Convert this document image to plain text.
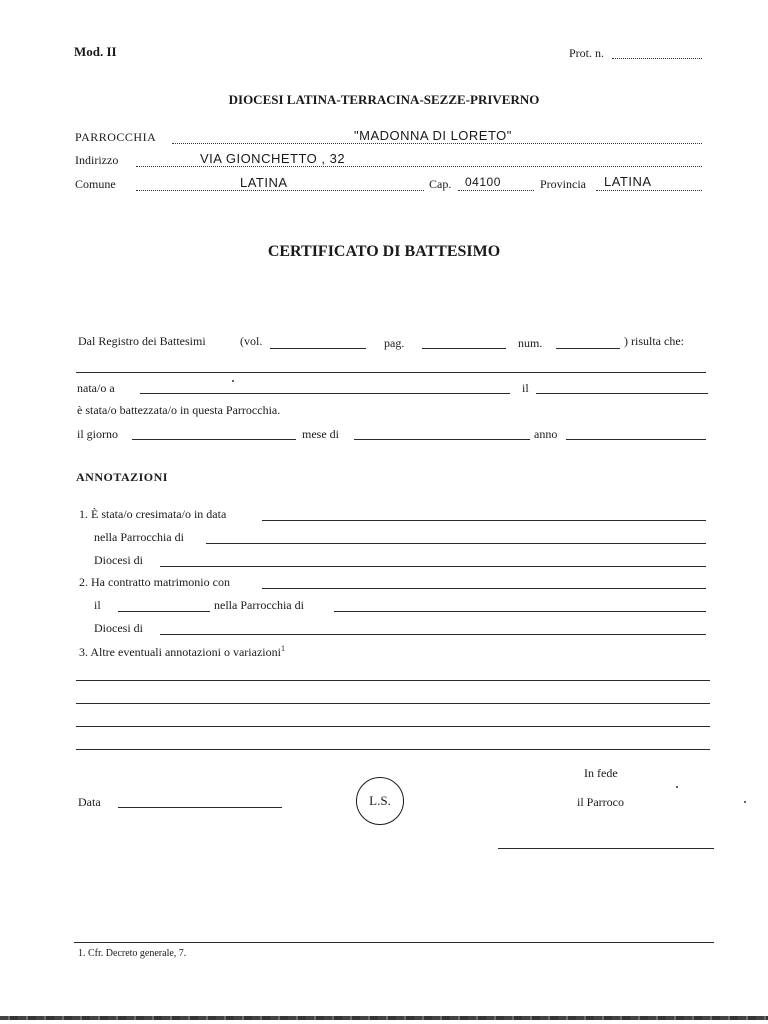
Mod. II	Prot. n.
DIOCESI LATINA-TERRACINA-SEZZE-PRIVERNO
PARROCCHIA	"MADONNA DI LORETO"
Indirizzo	VIA GIONCHETTO , 32
Comune	LATINA	Cap. 04100	Provincia LATINA
CERTIFICATO DI BATTESIMO
Dal Registro dei Battesimi	(vol.	pag.	num.	) risulta che:
nata/o a	il
è stata/o battezzata/o in questa Parrocchia.
il giorno	mese di	anno
ANNOTAZIONI
1. È stata/o cresimata/o in data
nella Parrocchia di
Diocesi di
2. Ha contratto matrimonio con
il	nella Parrocchia di
Diocesi di
3. Altre eventuali annotazioni o variazioni$^1$
In fede
Data	L.S.	il Parroco
1. Cfr. Decreto generale, 7.
